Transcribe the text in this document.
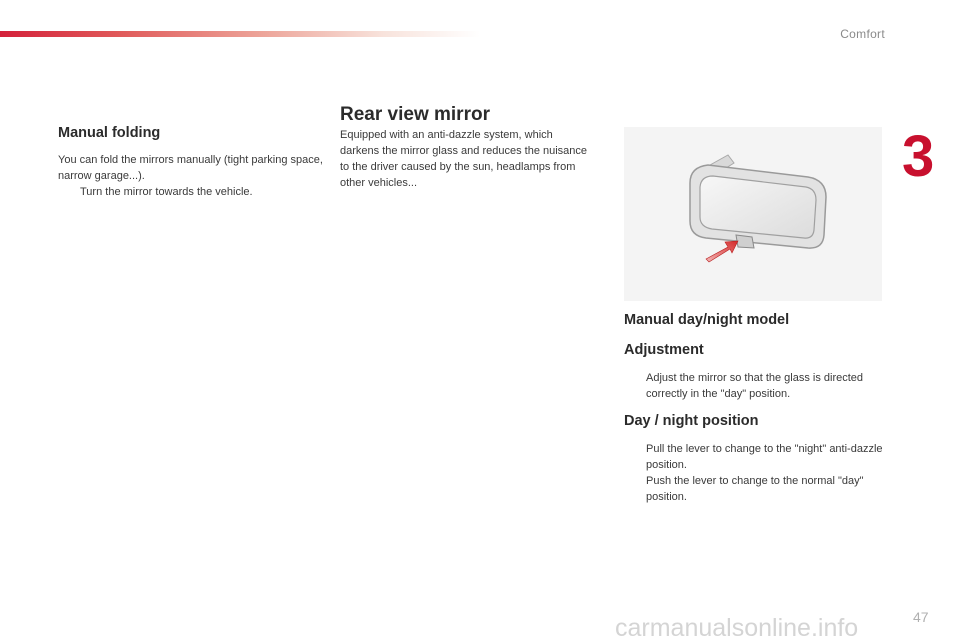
Comfort
3
Manual folding

You can fold the mirrors manually (tight parking space, narrow garage...).

Turn the mirror towards the vehicle.
Rear view mirror

Equipped with an anti-dazzle system, which darkens the mirror glass and reduces the nuisance to the driver caused by the sun, headlamps from other vehicles...

Manual day/night model
Adjustment
Adjust the mirror so that the glass is directed correctly in the "day" position.
Day / night position
Pull the lever to change to the "night" anti-dazzle position.
Push the lever to change to the normal "day" position.
carmanualsonline.info	47
